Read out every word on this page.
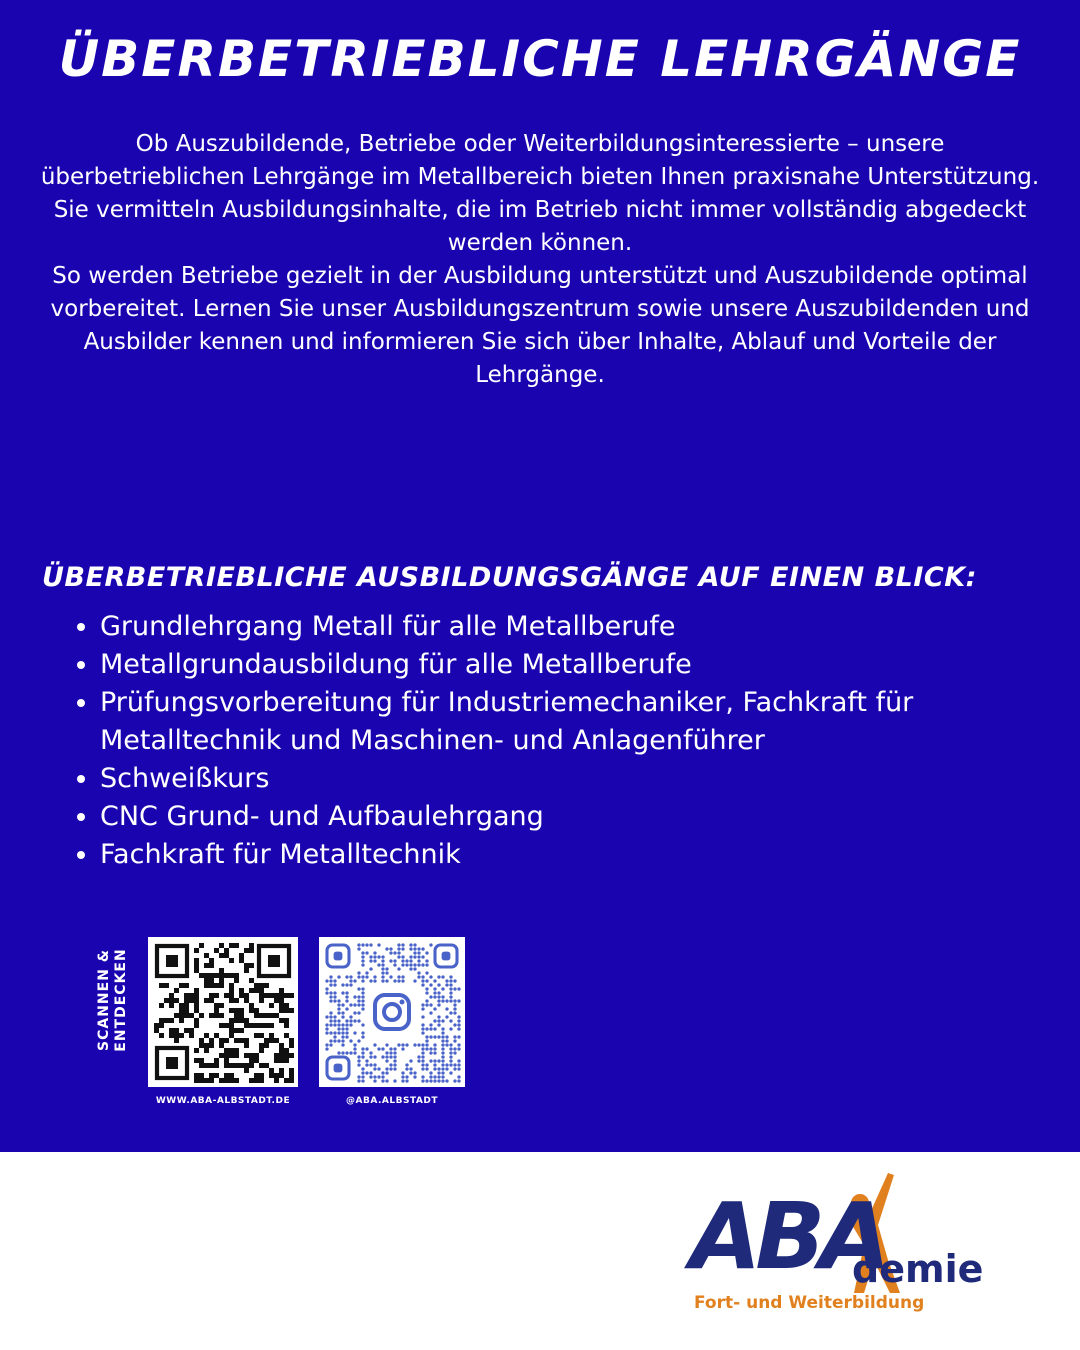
ÜBERBETRIEBLICHE LEHRGÄNGE

Ob Auszubildende, Betriebe oder Weiterbildungsinteressierte – unsere überbetrieblichen Lehrgänge im Metallbereich bieten Ihnen praxisnahe Unterstützung.

Sie vermitteln Ausbildungsinhalte, die im Betrieb nicht immer vollständig abgedeckt werden können.

So werden Betriebe gezielt in der Ausbildung unterstützt und Auszubildende optimal vorbereitet. Lernen Sie unser Ausbildungszentrum sowie unsere Auszubildenden und Ausbilder kennen und informieren Sie sich über Inhalte, Ablauf und Vorteile der Lehrgänge.

ÜBERBETRIEBLICHE AUSBILDUNGSGÄNGE AUF EINEN BLICK:
• Grundlehrgang Metall für alle Metallberufe
• Metallgrundausbildung für alle Metallberufe
• Prüfungsvorbereitung für Industriemechaniker, Fachkraft für Metalltechnik und Maschinen- und Anlagenführer
• Schweißkurs
• CNC Grund- und Aufbaulehrgang
• Fachkraft für Metalltechnik
SCANNEN & ENTDECKEN
WWW.ABA-ALBSTADT.DE	@ABA.ALBSTADT
ABA
demie
Fort- und Weiterbildung
